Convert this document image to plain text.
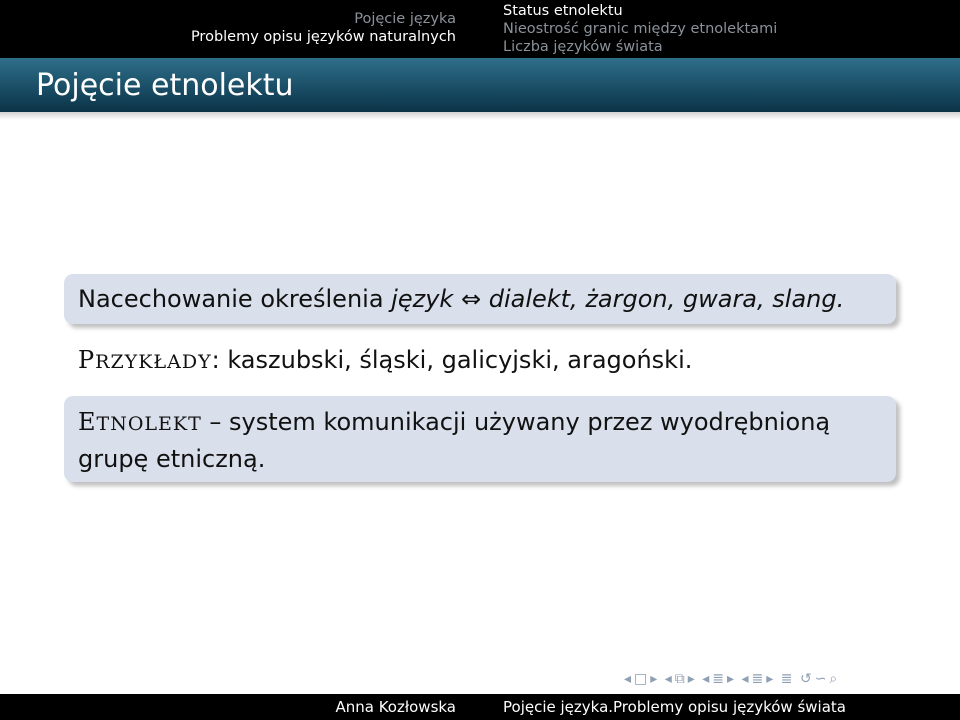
Pojęcie języka
Problemy opisu języków naturalnych
Status etnolektu
Nieostrość granic między etnolektami
Liczba języków świata
Pojęcie etnolektu
Nacechowanie określenia język ⇔ dialekt, żargon, gwara, slang.
PRZYKŁADY: kaszubski, śląski, galicyjski, aragoński.
ETNOLEKT – system komunikacji używany przez wyodrębnioną
grupę etniczną.
◂ □ ▸ ◂ ⧉ ▸ ◂ ≣ ▸ ◂ ≣ ▸ ≣ ↺ ∽ ⌕
Anna Kozłowska	Pojęcie języka.Problemy opisu języków świata
